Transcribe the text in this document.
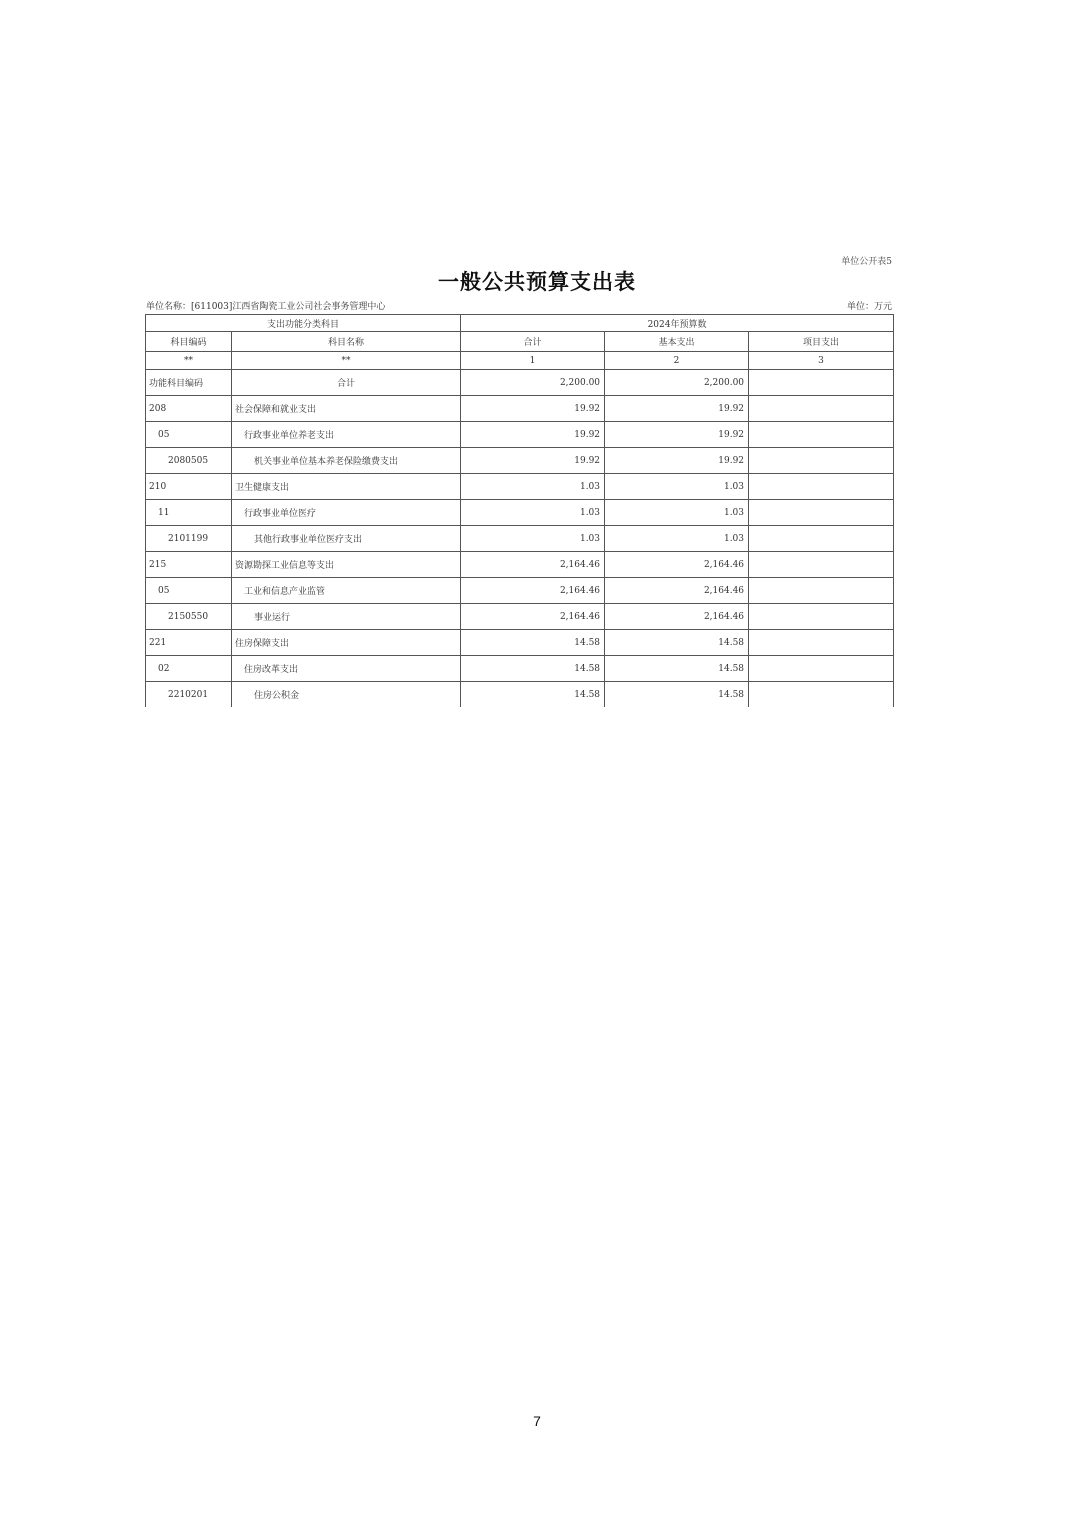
单位公开表5
一般公共预算支出表
单位名称：[611003]江西省陶瓷工业公司社会事务管理中心	单位：万元
支出功能分类科目		2024年预算数		
科目编码	科目名称	合计	基本支出	项目支出
**	**	1	2	3
功能科目编码	合计	2,200.00	2,200.00	
208	社会保障和就业支出	19.92	19.92	
05	行政事业单位养老支出	19.92	19.92	
2080505	机关事业单位基本养老保险缴费支出	19.92	19.92	
210	卫生健康支出	1.03	1.03	
11	行政事业单位医疗	1.03	1.03	
2101199	其他行政事业单位医疗支出	1.03	1.03	
215	资源勘探工业信息等支出	2,164.46	2,164.46	
05	工业和信息产业监管	2,164.46	2,164.46	
2150550	事业运行	2,164.46	2,164.46	
221	住房保障支出	14.58	14.58	
02	住房改革支出	14.58	14.58	
2210201	住房公积金	14.58	14.58	
7
